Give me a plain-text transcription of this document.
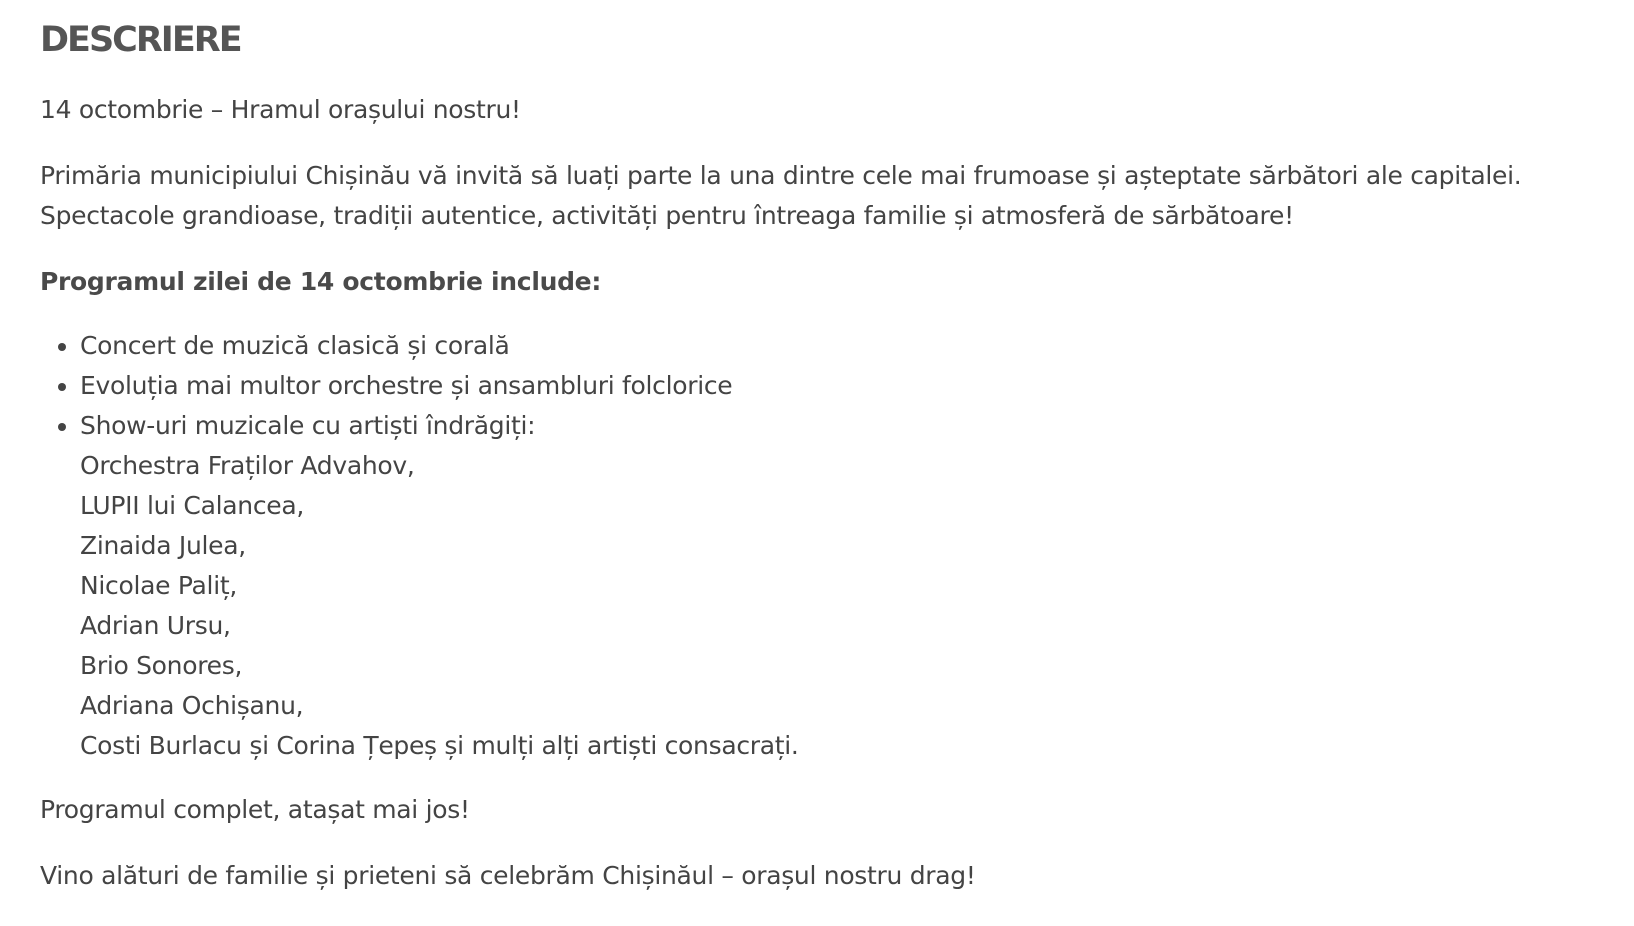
DESCRIERE

14 octombrie – Hramul orașului nostru!

Primăria municipiului Chișinău vă invită să luați parte la una dintre cele mai frumoase și așteptate sărbători ale capitalei. Spectacole grandioase, tradiții autentice, activități pentru întreaga familie și atmosferă de sărbătoare!

Programul zilei de 14 octombrie include:

• Concert de muzică clasică și corală
• Evoluția mai multor orchestre și ansambluri folclorice
• Show-uri muzicale cu artiști îndrăgiți:
Orchestra Fraților Advahov,
LUPII lui Calancea,
Zinaida Julea,
Nicolae Paliț,
Adrian Ursu,
Brio Sonores,
Adriana Ochișanu,
Costi Burlacu și Corina Țepeș și mulți alți artiști consacrați.

Programul complet, atașat mai jos!

Vino alături de familie și prieteni să celebrăm Chișinăul – orașul nostru drag!
